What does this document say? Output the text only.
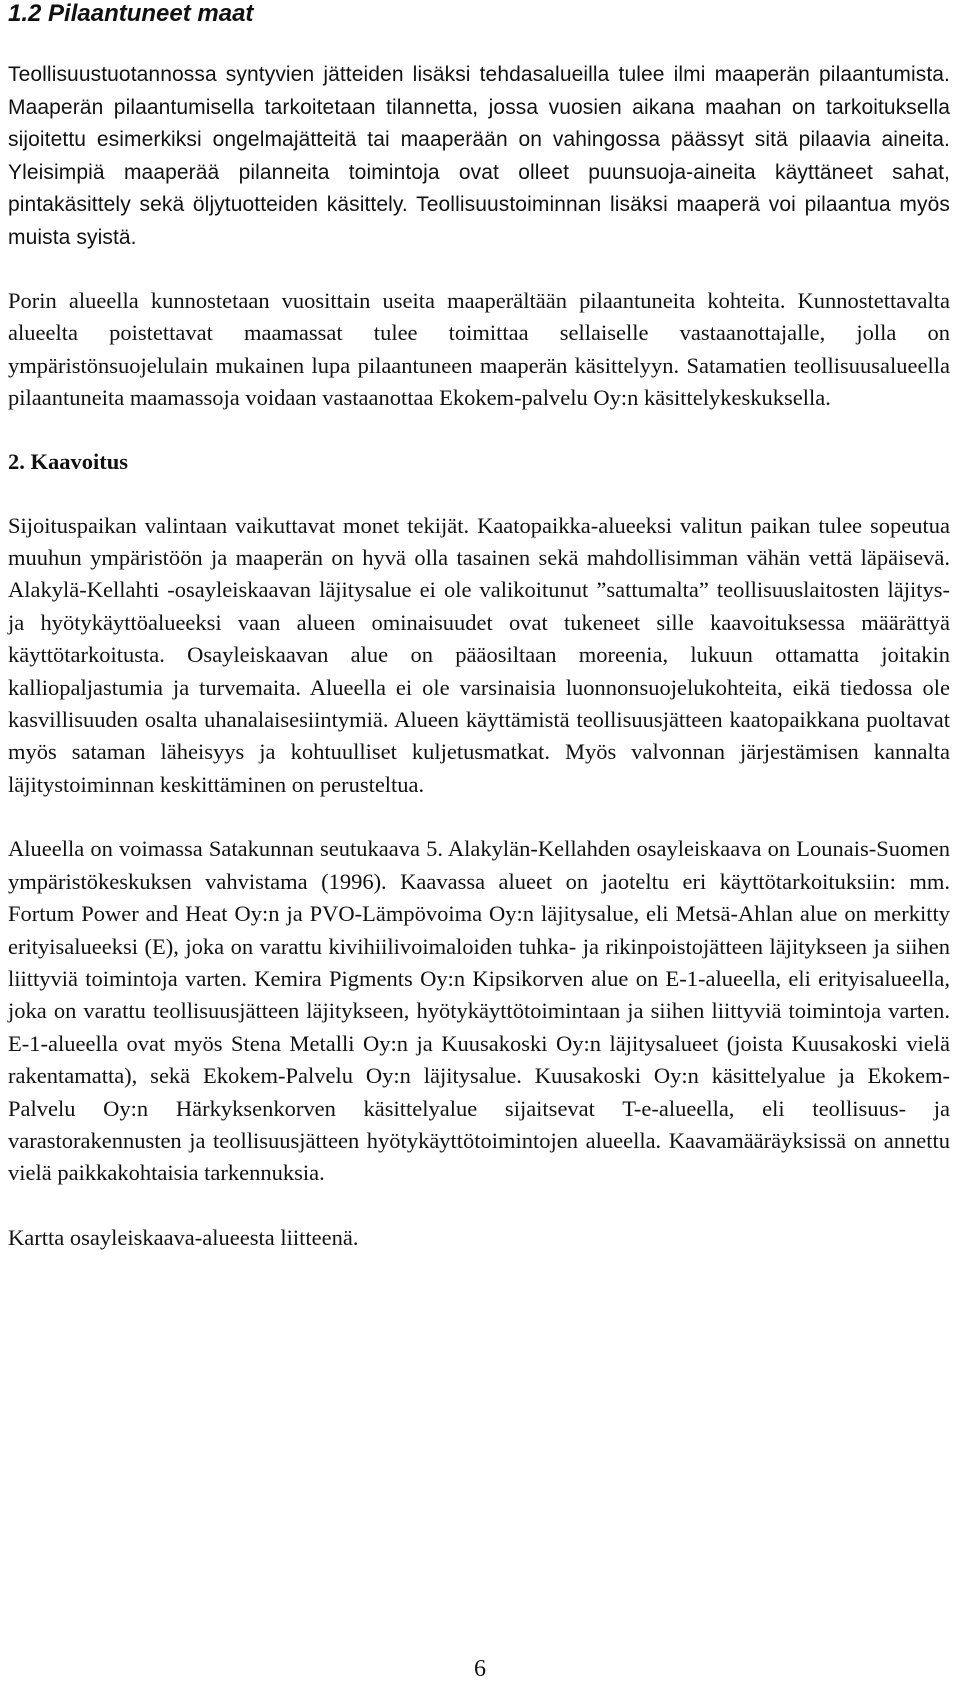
1.2 Pilaantuneet maat

Teollisuustuotannossa syntyvien jätteiden lisäksi tehdasalueilla tulee ilmi maaperän pilaantumista. Maaperän pilaantumisella tarkoitetaan tilannetta, jossa vuosien aikana maahan on tarkoituksella sijoitettu esimerkiksi ongelmajätteitä tai maaperään on vahingossa päässyt sitä pilaavia aineita. Yleisimpiä maaperää pilanneita toimintoja ovat olleet puunsuoja-aineita käyttäneet sahat, pintakäsittely sekä öljytuotteiden käsittely. Teollisuustoiminnan lisäksi maaperä voi pilaantua myös muista syistä.

Porin alueella kunnostetaan vuosittain useita maaperältään pilaantuneita kohteita. Kunnostettavalta alueelta poistettavat maamassat tulee toimittaa sellaiselle vastaanottajalle, jolla on ympäristönsuojelulain mukainen lupa pilaantuneen maaperän käsittelyyn. Satamatien teollisuusalueella pilaantuneita maamassoja voidaan vastaanottaa Ekokem-palvelu Oy:n käsittelykeskuksella.

2. Kaavoitus

Sijoituspaikan valintaan vaikuttavat monet tekijät. Kaatopaikka-alueeksi valitun paikan tulee sopeutua muuhun ympäristöön ja maaperän on hyvä olla tasainen sekä mahdollisimman vähän vettä läpäisevä. Alakylä-Kellahti -osayleiskaavan läjitysalue ei ole valikoitunut ”sattumalta” teollisuuslaitosten läjitys- ja hyötykäyttöalueeksi vaan alueen ominaisuudet ovat tukeneet sille kaavoituksessa määrättyä käyttötarkoitusta. Osayleiskaavan alue on pääosiltaan moreenia, lukuun ottamatta joitakin kalliopaljastumia ja turvemaita. Alueella ei ole varsinaisia luonnonsuojelukohteita, eikä tiedossa ole kasvillisuuden osalta uhanalaisesiintymiä. Alueen käyttämistä teollisuusjätteen kaatopaikkana puoltavat myös sataman läheisyys ja kohtuulliset kuljetusmatkat. Myös valvonnan järjestämisen kannalta läjitystoiminnan keskittäminen on perusteltua.

Alueella on voimassa Satakunnan seutukaava 5. Alakylän-Kellahden osayleiskaava on Lounais-Suomen ympäristökeskuksen vahvistama (1996). Kaavassa alueet on jaoteltu eri käyttötarkoituksiin: mm. Fortum Power and Heat Oy:n ja PVO-Lämpövoima Oy:n läjitysalue, eli Metsä-Ahlan alue on merkitty erityisalueeksi (E), joka on varattu kivihiilivoimaloiden tuhka- ja rikinpoistojätteen läjitykseen ja siihen liittyviä toimintoja varten. Kemira Pigments Oy:n Kipsikorven alue on E-1-alueella, eli erityisalueella, joka on varattu teollisuusjätteen läjitykseen, hyötykäyttötoimintaan ja siihen liittyviä toimintoja varten. E-1-alueella ovat myös Stena Metalli Oy:n ja Kuusakoski Oy:n läjitysalueet (joista Kuusakoski vielä rakentamatta), sekä Ekokem-Palvelu Oy:n läjitysalue. Kuusakoski Oy:n käsittelyalue ja Ekokem-Palvelu Oy:n Härkyksenkorven käsittelyalue sijaitsevat T-e-alueella, eli teollisuus- ja varastorakennusten ja teollisuusjätteen hyötykäyttötoimintojen alueella. Kaavamääräyksissä on annettu vielä paikkakohtaisia tarkennuksia.

Kartta osayleiskaava-alueesta liitteenä.

6
